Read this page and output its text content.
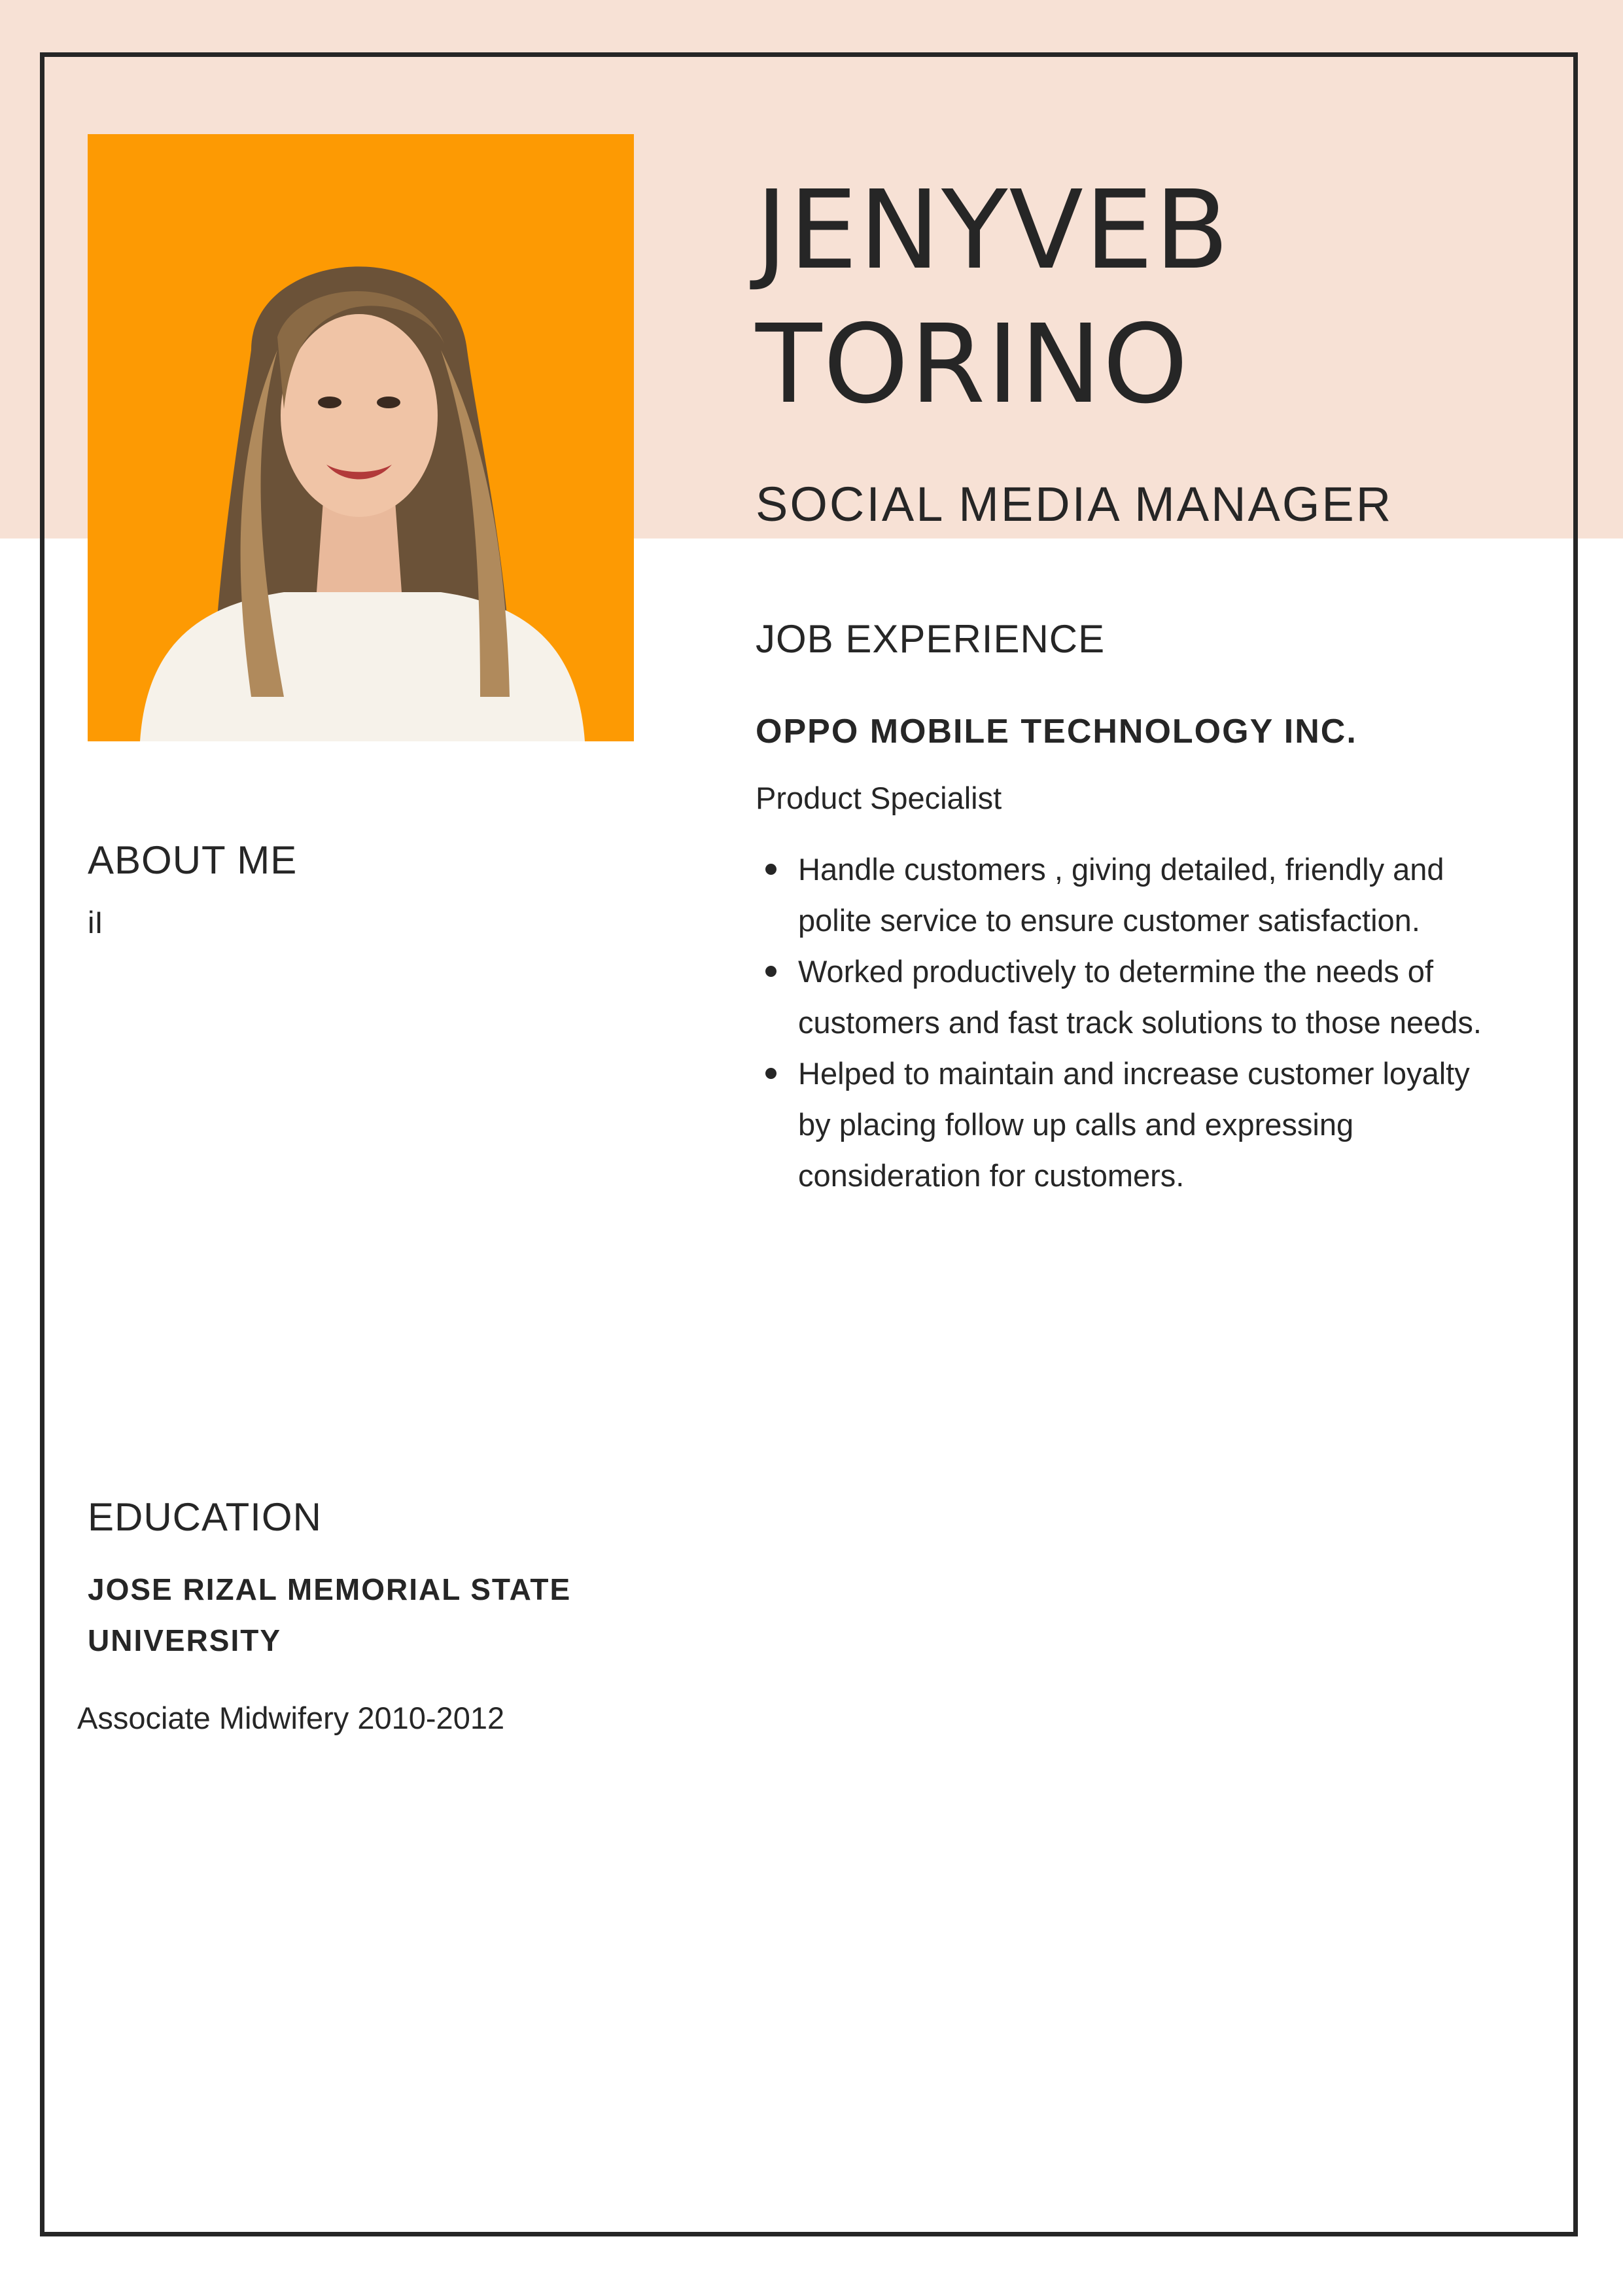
JENYVEB
TORINO
SOCIAL MEDIA MANAGER
JOB EXPERIENCE
OPPO MOBILE TECHNOLOGY INC.
Product Specialist
Handle customers , giving detailed, friendly and polite service to ensure customer satisfaction.
Worked productively to determine the needs of customers and fast track solutions to those needs.
Helped to maintain and increase customer loyalty by placing follow up calls and expressing consideration for customers.
ABOUT ME
iI
EDUCATION
JOSE RIZAL MEMORIAL STATE UNIVERSITY
Associate Midwifery 2010-2012
